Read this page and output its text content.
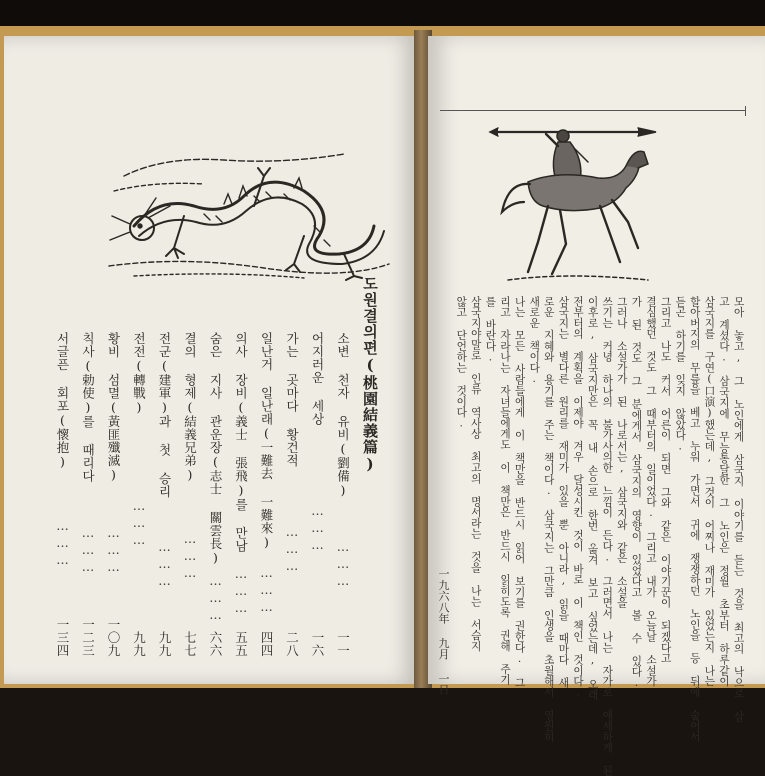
도원결의편(桃園結義篇)
소변 천자 유비(劉備)
………
一一
어지러운 세상
………
一六
가는 곳마다 황건적
………
二八
일난거 일난래(一難去 一難來)
………
四四
의사 장비(義士 張飛)를 만남
………
五五
숨은 지사 관운장(志士 關雲長)
………
六六
결의 형제(結義兄弟)
………
七七
전군(建軍)과 첫 승리
………
九九
전전(轉戰)
………
九九
황비 섬멸(黃匪殲滅)
………
一〇九
칙사(勅使)를 때리다
………
一二三
서글픈 회포(懷抱)
………
一三四	모아 놓고, 그 노인에게 삼국지 이야기를 듣는 것을 최고의 낙으로 삼
고 계셨다. 삼국지에 무능통달한 그 노인은 정월 초부터 하루같이
삼국지를 구연(口演)했는데, 그것이 어찌나 재미가 있었는지 나는
할아버지의 무릎을 베고 누워 가면서 귀에 쟁쟁하던 노인을 등 뒤에 숨어서
듣곤 하기를 잊지 않았다.
그리고 나도 커서 어른이 되면 그와 같은 이야기꾼이 되겠다고
결심했던 것도 그 때부터의 일이었다. 그리고 내가 오늘날 소설가
가 된 것도 그 분에게서 삼국지의 영향이 있었다고 볼 수 있다.
그러나 소설가가 된 나로서는, 삼국지와 같은 소설을
쓰기는 커녕 하나의 불가사의한 느낌이 든다. 그러면서 나는 자가로 얘세하게 된
이후로, 삼국지만은 꼭 내 손으로 한번 옮겨 보고 싶었는데, 오래
전부터의 계획을 이제야 겨우 달성시킨 것이 바로 이 책인 것이다.
삼국지는 별다른 원리를 재미가 있을 뿐 아니라, 읽을 때마다 새
로운 지혜와 용기를 주는 책이다. 삼국지는 그만큼 인생을 초월해서 영원히
새로운 책이다.
나는 모든 사람들에게 이 책만을 반드시 읽어 보기를 권한다. 그
리고 자라나는 자녀들에게도 이 책만은 반드시 읽히도록 권해 주기
를 바란다.
삼국지야말로 인류 역사상 최고의 명서라는 것을 나는 서슴지
않고 단언하는 것이다.
一九六八年 九月 一日
